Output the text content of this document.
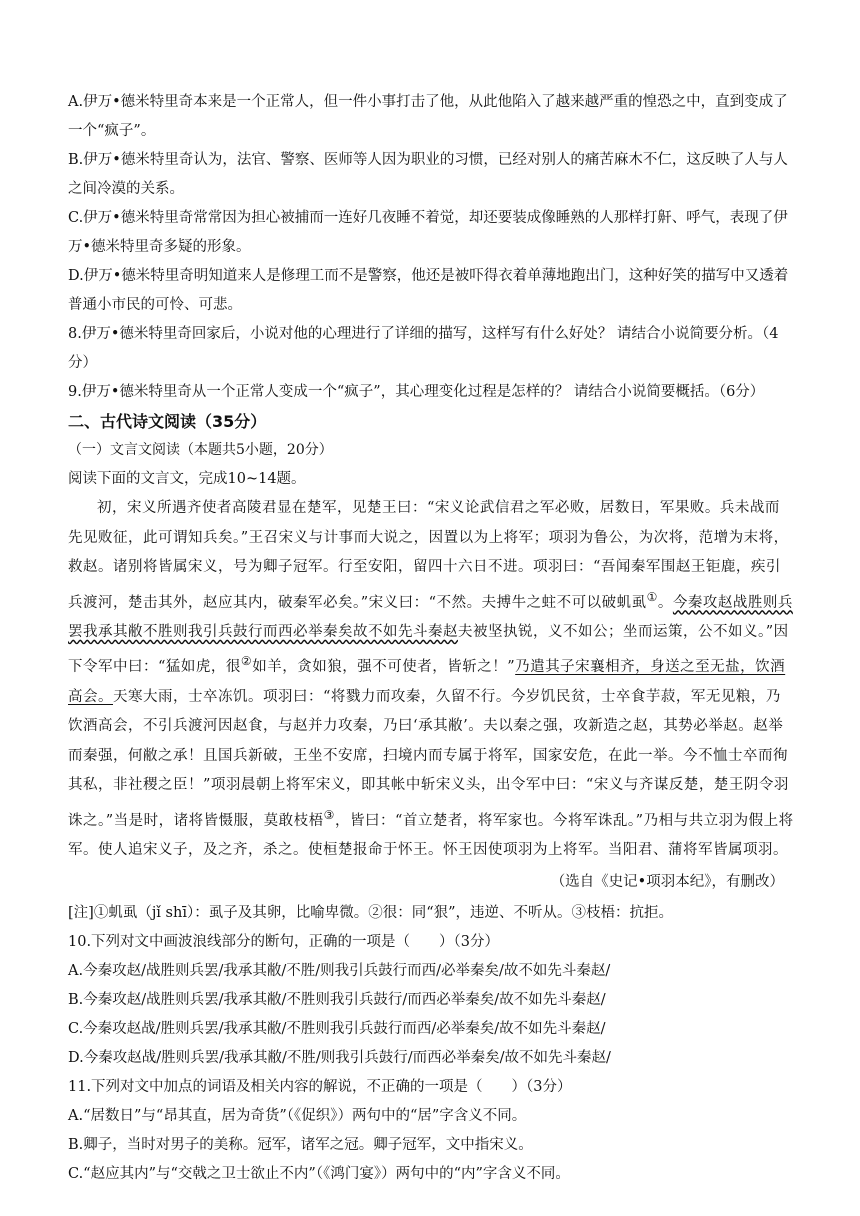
A.伊万•德米特里奇本来是一个正常人，但一件小事打击了他，从此他陷入了越来越严重的惶恐之中，直到变成了一个“疯子”。

B.伊万•德米特里奇认为，法官、警察、医师等人因为职业的习惯，已经对别人的痛苦麻木不仁，这反映了人与人之间冷漠的关系。

C.伊万•德米特里奇常常因为担心被捕而一连好几夜睡不着觉，却还要装成像睡熟的人那样打鼾、呼气，表现了伊万•德米特里奇多疑的形象。

D.伊万•德米特里奇明知道来人是修理工而不是警察，他还是被吓得衣着单薄地跑出门，这种好笑的描写中又透着普通小市民的可怜、可悲。

8.伊万•德米特里奇回家后，小说对他的心理进行了详细的描写，这样写有什么好处？ 请结合小说简要分析。（4分）

9.伊万•德米特里奇从一个正常人变成一个“疯子”，其心理变化过程是怎样的？ 请结合小说简要概括。（6分）

二、古代诗文阅读（35分）

（一）文言文阅读（本题共5小题，20分）

阅读下面的文言文，完成10~14题。

初，宋义所遇齐使者高陵君显在楚军，见楚王曰：“宋义论武信君之军必败，居数日，军果败。兵未战而先见败征，此可谓知兵矣。”王召宋义与计事而大说之，因置以为上将军；项羽为鲁公，为次将，范增为末将，救赵。诸别将皆属宋义，号为卿子冠军。行至安阳，留四十六日不进。项羽曰：“吾闻秦军围赵王钜鹿，疾引兵渡河，楚击其外，赵应其内，破秦军必矣。”宋义曰：“不然。夫搏牛之蛀不可以破虮虱①。今秦攻赵战胜则兵罢我承其敝不胜则我引兵鼓行而西必举秦矣故不如先斗秦赵夫被坚执锐，义不如公；坐而运策，公不如义。”因下令军中曰：“猛如虎，很②如羊，贪如狼，强不可使者，皆斩之！”乃遣其子宋襄相齐，身送之至无盐，饮酒高会。天寒大雨，士卒冻饥。项羽曰：“将戮力而攻秦，久留不行。今岁饥民贫，士卒食芋菽，军无见粮，乃饮酒高会，不引兵渡河因赵食，与赵并力攻秦，乃曰‘承其敝’。夫以秦之强，攻新造之赵，其势必举赵。赵举而秦强，何敝之承！且国兵新破，王坐不安席，扫境内而专属于将军，国家安危，在此一举。今不恤士卒而徇其私，非社稷之臣！”项羽晨朝上将军宋义，即其帐中斩宋义头，出令军中曰：“宋义与齐谋反楚，楚王阴令羽诛之。”当是时，诸将皆慑服，莫敢枝梧③，皆曰：“首立楚者，将军家也。今将军诛乱。”乃相与共立羽为假上将军。使人追宋义子，及之齐，杀之。使桓楚报命于怀王。怀王因使项羽为上将军。当阳君、蒲将军皆属项羽。

（选自《史记•项羽本纪》，有删改）

[注]①虮虱（jǐ shī）：虱子及其卵，比喻卑微。②很：同“狠”，违逆、不听从。③枝梧：抗拒。

10.下列对文中画波浪线部分的断句，正确的一项是（　　）（3分）

A.今秦攻赵/战胜则兵罢/我承其敝/不胜/则我引兵鼓行而西/必举秦矣/故不如先斗秦赵/

B.今秦攻赵/战胜则兵罢/我承其敝/不胜则我引兵鼓行/而西必举秦矣/故不如先斗秦赵/

C.今秦攻赵战/胜则兵罢/我承其敝/不胜则我引兵鼓行而西/必举秦矣/故不如先斗秦赵/

D.今秦攻赵战/胜则兵罢/我承其敝/不胜/则我引兵鼓行/而西必举秦矣/故不如先斗秦赵/

11.下列对文中加点的词语及相关内容的解说，不正确的一项是（　　）（3分）

A.“居数日”与“昂其直，居为奇货”（《促织》）两句中的“居”字含义不同。

B.卿子，当时对男子的美称。冠军，诸军之冠。卿子冠军，文中指宋义。

C.“赵应其内”与“交戟之卫士欲止不内”（《鸿门宴》）两句中的“内”字含义不同。
